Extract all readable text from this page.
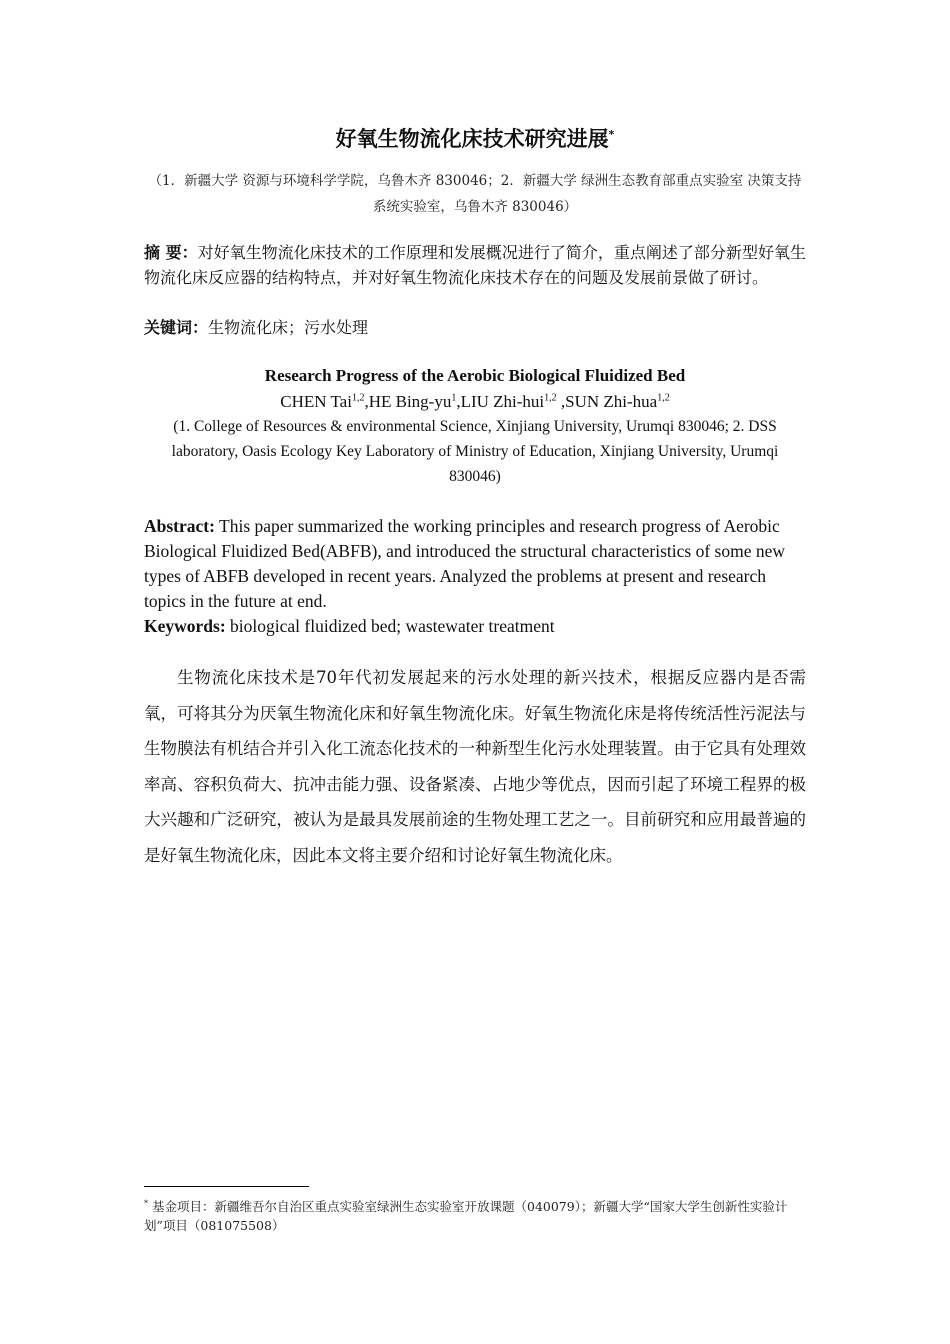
好氧生物流化床技术研究进展*
（1．新疆大学 资源与环境科学学院，乌鲁木齐 830046；2．新疆大学 绿洲生态教育部重点实验室 决策支持系统实验室，乌鲁木齐 830046）
摘 要：对好氧生物流化床技术的工作原理和发展概况进行了简介，重点阐述了部分新型好氧生物流化床反应器的结构特点，并对好氧生物流化床技术存在的问题及发展前景做了研讨。
关键词：生物流化床；污水处理
Research Progress of the Aerobic Biological Fluidized Bed
CHEN Tai$^{1,2}$,HE Bing-$yu^1,LIU$ Zhi-hui$^{1,2}$ ,SUN Zhi-hua$^{1,2}$
(1. College of Resources & environmental Science, Xinjiang University, Urumqi 830046; 2. DSS laboratory, Oasis Ecology Key Laboratory of Ministry of Education, Xinjiang University, Urumqi 830046)
Abstract: This paper summarized the working principles and research progress of Aerobic Biological Fluidized Bed(ABFB), and introduced the structural characteristics of some new types of ABFB developed in recent years. Analyzed the problems at present and research topics in the future at end.
Keywords: biological fluidized bed; wastewater treatment
生物流化床技术是70年代初发展起来的污水处理的新兴技术，根据反应器内是否需氧，可将其分为厌氧生物流化床和好氧生物流化床。好氧生物流化床是将传统活性污泥法与生物膜法有机结合并引入化工流态化技术的一种新型生化污水处理装置。由于它具有处理效率高、容积负荷大、抗冲击能力强、设备紧凑、占地少等优点，因而引起了环境工程界的极大兴趣和广泛研究，被认为是最具发展前途的生物处理工艺之一。目前研究和应用最普遍的是好氧生物流化床，因此本文将主要介绍和讨论好氧生物流化床。
* 基金项目：新疆维吾尔自治区重点实验室绿洲生态实验室开放课题（040079）；新疆大学“国家大学生创新性实验计划”项目（081075508）
